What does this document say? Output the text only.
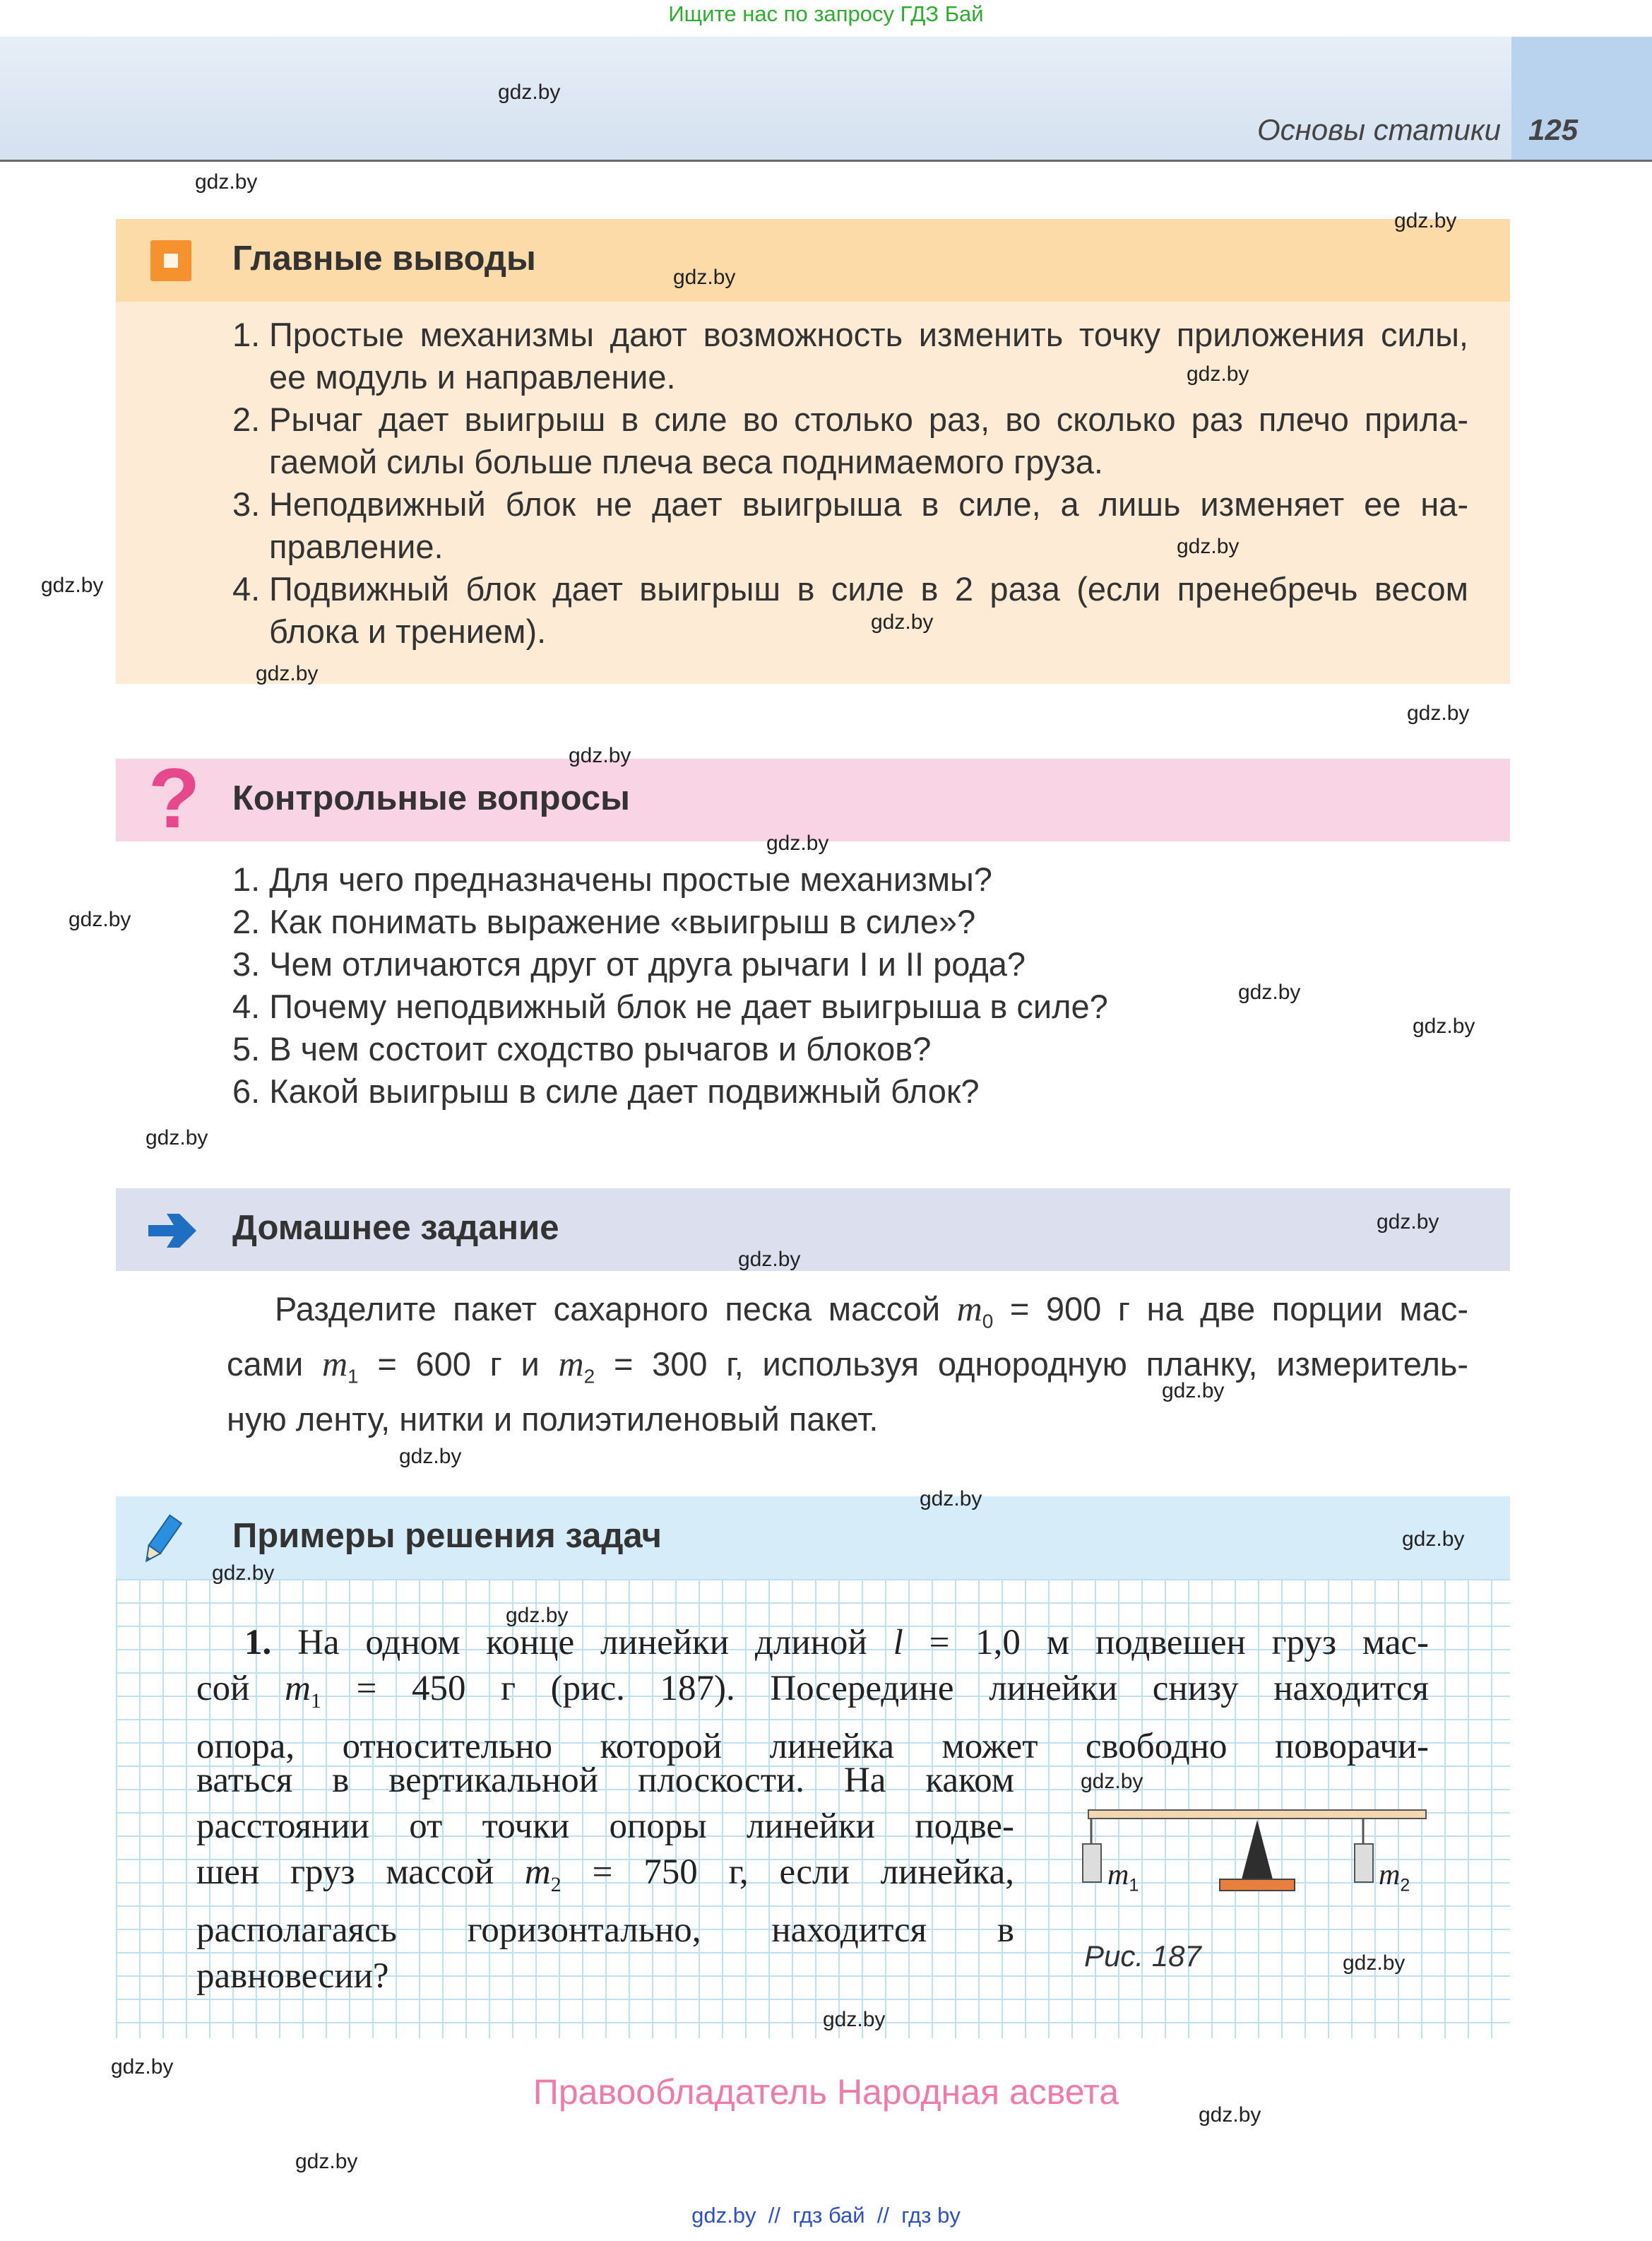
Ищите нас по запросу ГДЗ Бай
Основы статики 125
Главные выводы
1. Простые механизмы дают возможность изменить точку приложения силы,
ее модуль и направление.
2. Рычаг дает выигрыш в силе во столько раз, во сколько раз плечо прила-
гаемой силы больше плеча веса поднимаемого груза.
3. Неподвижный блок не дает выигрыша в силе, а лишь изменяет ее на-
правление.
4. Подвижный блок дает выигрыш в силе в 2 раза (если пренебречь весом
блока и трением).
? Контрольные вопросы
1. Для чего предназначены простые механизмы?
2. Как понимать выражение «выигрыш в силе»?
3. Чем отличаются друг от друга рычаги I и II рода?
4. Почему неподвижный блок не дает выигрыша в силе?
5. В чем состоит сходство рычагов и блоков?
6. Какой выигрыш в силе дает подвижный блок?
Домашнее задание
Разделите пакет сахарного песка массой $m_0 = 900$ г на две порции мас-
сами $m_1 = 600$ г и $m_2 = 300$ г, используя однородную планку, измеритель-
ную ленту, нитки и полиэтиленовый пакет.
Примеры решения задач
1. На одном конце линейки длиной l = 1,0 м подвешен груз мас-
сой $m_1 = 450$ г (рис. 187). Посередине линейки снизу находится
опора, относительно которой линейка может свободно поворачи-
ваться в вертикальной плоскости. На каком
расстоянии от точки опоры линейки подве-
шен груз массой $m_2 = 750$ г, если линейка,
располагаясь горизонтально, находится в
равновесии?
$m_1$	$m_2$
Рис. 187
Правообладатель Народная асвета
gdz.by  //  гдз бай  //  гдз by
gdz.by
gdz.by
gdz.by
gdz.by
gdz.by
gdz.by
gdz.by
gdz.by
gdz.by
gdz.by
gdz.by
gdz.by
gdz.by
gdz.by
gdz.by
gdz.by
gdz.by
gdz.by
gdz.by
gdz.by
gdz.by
gdz.by
gdz.by
gdz.by
gdz.by
gdz.by
gdz.by
gdz.by
gdz.by
gdz.by
